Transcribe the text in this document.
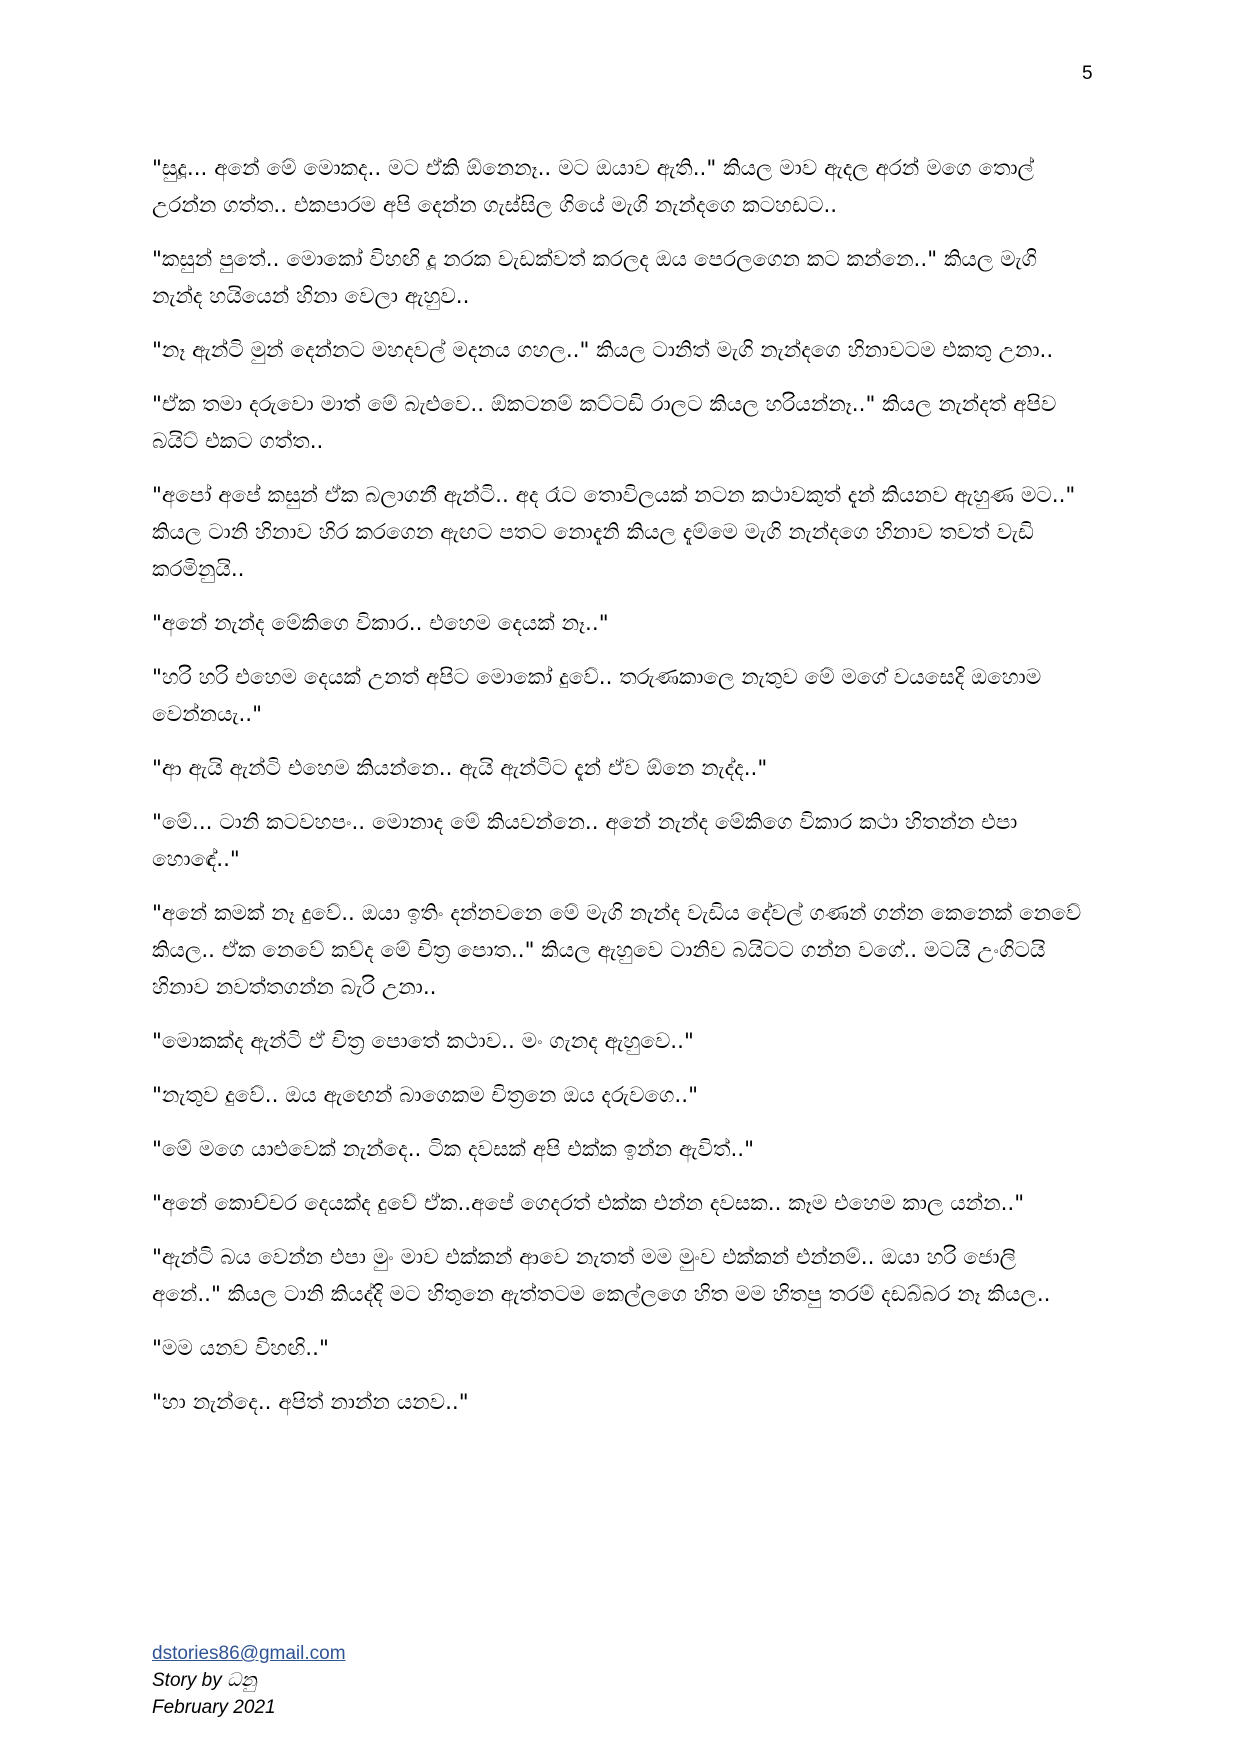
5

"සුදූ... අනේ මේ මොකද.. මට ඒකි ඕනෙනෑ.. මට ඔයාව ඇති.." කියල මාව ඇදල අරන් මගෙ තොල් උරන්න ගත්ත.. එකපාරම අපි දෙන්න ගැස්සිල ගියේ මැගි නැන්දගෙ කටහඩට..

"කසුන් පුතේ.. මොකෝ විහඟි දූ නරක වැඩක්වත් කරලද ඔය පෙරලගෙන කට කන්නෙ.." කියල මැගි නැන්ද හයියෙන් හිනා වෙලා ඇහුව..

"නෑ ඇන්ටි මුන් දෙන්නට මහදවල් මදනය ගහල.." කියල ටානිත් මැගි නැන්දගෙ හිනාවටම එකතු උනා..

"ඒක තමා දරුවො මාත් මේ බැළුවෙ.. ඕකටනම් කට්ටඩි රාලට කියල හරියන්නෑ.." කියල නැන්දත් අපිව බයිට් එකට ගත්ත..

"අපෝ අපේ කසුන් ඒක බලාගනී ඇන්ටි.. අද රෑට තොවිලයක් නටන කථාවකුත් දැන් කියනව ඇහුණ මට.." කියල ටානි හිනාව හිර කරගෙන ඇඟට පතට නොදැනි කියල දැම්මෙ මැගි නැන්දගෙ හිනාව තවත් වැඩි කරමිනුයි..

"අනේ නැන්ද මේකිගෙ විකාර.. එහෙම දෙයක් නෑ.."

"හරි හරි එහෙම දෙයක් උනත් අපිට මොකෝ දුවේ.. තරුණකාලෙ නැතුව මේ මගේ වයසෙදි ඔහොම වෙන්නයැ.."

"ආ ඇයි ඇන්ටි එහෙම කියන්නෙ.. ඇයි ඇන්ටිට දැන් ඒව ඕනෙ නැද්ද.."

"මේ... ටානි කටවහපං.. මොනාද මේ කියවන්නෙ.. අනේ නැන්ද මේකිගෙ විකාර කථා හිතන්න එපා හොඳේ.."

"අනේ කමක් නෑ දුවේ.. ඔයා ඉතිං දන්නවනෙ මේ මැගි නැන්ද වැඩිය දේවල් ගණන් ගන්න කෙනෙක් නෙවේ කියල.. ඒක නෙවේ කව්ද මේ චිත්‍ර පොත.." කියල ඇහුවෙ ටානිව බයිටට ගන්න වගේ.. මටයි උංගිටයි හිනාව නවත්තගන්න බැරි උනා..

"මොකක්ද ඇන්ටි ඒ චිත්‍ර පොතේ කථාව.. මං ගැනද ඇහුවෙ.."

"නැතුව දුවේ.. ඔය ඇඟෙන් බාගෙකම චිත්‍රනෙ ඔය දරුවගෙ.."

"මේ මගෙ යාළුවෙක් නැන්දෙ.. ටික දවසක් අපි එක්ක ඉන්න ඇවිත්.."

"අනේ කොච්චර දෙයක්ද දුවේ ඒක..අපේ ගෙදරත් එක්ක එන්න දවසක.. කෑම එහෙම කාල යන්න.."

"ඇන්ටි බය වෙන්න එපා මුං මාව එක්කන් ආවෙ නැතත් මම මුංව එක්කන් එන්නම්.. ඔයා හරි ජොලි අනේ.." කියල ටානි කියද්දි මට හිතුනෙ ඇත්තටම කෙල්ලගෙ හිත මම හිතපු තරම් දඩබ්බර නෑ කියල..

"මම යනව විහඟි.."

"හා නැන්දෙ.. අපිත් නාන්න යනව.."

dstories86@gmail.com
Story by ධනු
February 2021
